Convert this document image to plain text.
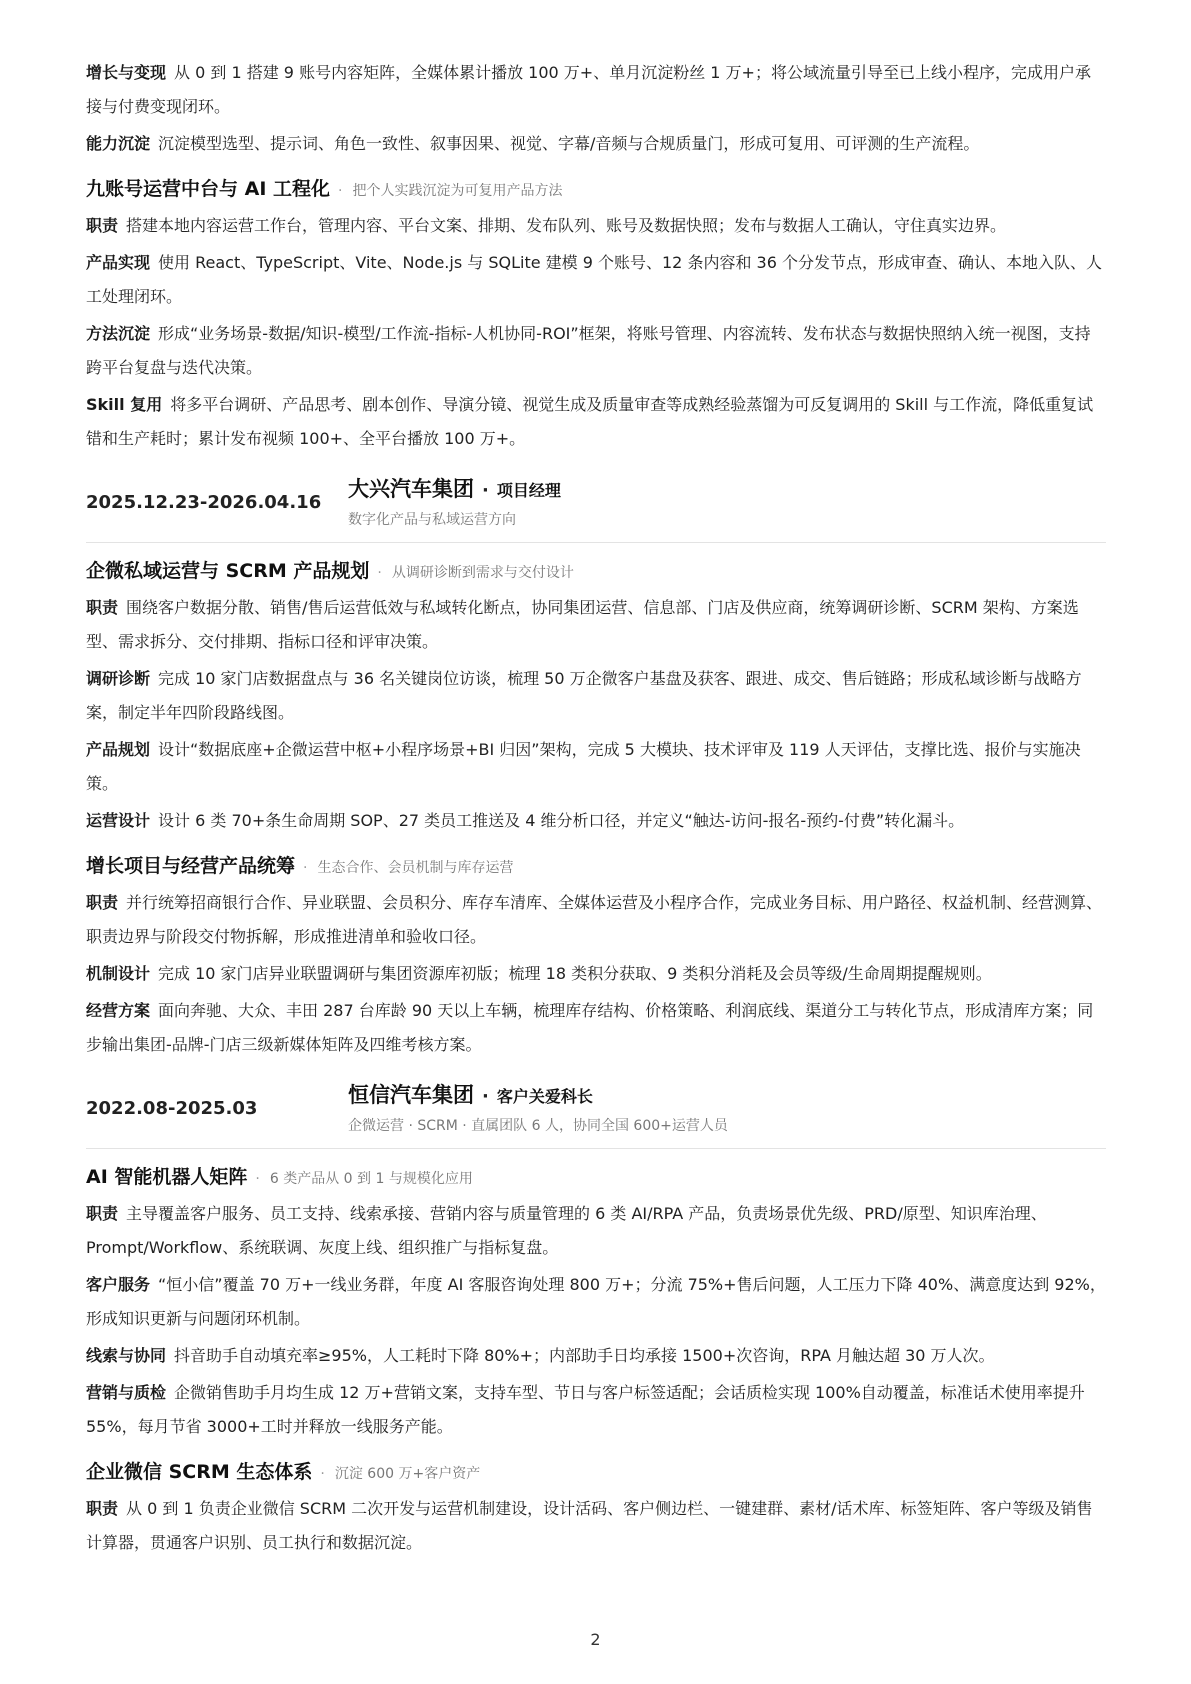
增长与变现 从 0 到 1 搭建 9 账号内容矩阵，全媒体累计播放 100 万+、单月沉淀粉丝 1 万+；将公域流量引导至已上线小程序，完成用户承接与付费变现闭环。

能力沉淀 沉淀模型选型、提示词、角色一致性、叙事因果、视觉、字幕/音频与合规质量门，形成可复用、可评测的生产流程。

九账号运营中台与 AI 工程化 · 把个人实践沉淀为可复用产品方法

职责 搭建本地内容运营工作台，管理内容、平台文案、排期、发布队列、账号及数据快照；发布与数据人工确认，守住真实边界。

产品实现 使用 React、TypeScript、Vite、Node.js 与 SQLite 建模 9 个账号、12 条内容和 36 个分发节点，形成审查、确认、本地入队、人工处理闭环。

方法沉淀 形成“业务场景-数据/知识-模型/工作流-指标-人机协同-ROI”框架，将账号管理、内容流转、发布状态与数据快照纳入统一视图，支持跨平台复盘与迭代决策。

Skill 复用 将多平台调研、产品思考、剧本创作、导演分镜、视觉生成及质量审查等成熟经验蒸馏为可反复调用的 Skill 与工作流，降低重复试错和生产耗时；累计发布视频 100+、全平台播放 100 万+。

2025.12.23-2026.04.16
大兴汽车集团 · 项目经理
数字化产品与私域运营方向
企微私域运营与 SCRM 产品规划 · 从调研诊断到需求与交付设计

职责 围绕客户数据分散、销售/售后运营低效与私域转化断点，协同集团运营、信息部、门店及供应商，统筹调研诊断、SCRM 架构、方案选型、需求拆分、交付排期、指标口径和评审决策。

调研诊断 完成 10 家门店数据盘点与 36 名关键岗位访谈，梳理 50 万企微客户基盘及获客、跟进、成交、售后链路；形成私域诊断与战略方案，制定半年四阶段路线图。

产品规划 设计“数据底座+企微运营中枢+小程序场景+BI 归因”架构，完成 5 大模块、技术评审及 119 人天评估，支撑比选、报价与实施决策。

运营设计 设计 6 类 70+条生命周期 SOP、27 类员工推送及 4 维分析口径，并定义“触达-访问-报名-预约-付费”转化漏斗。

增长项目与经营产品统筹 · 生态合作、会员机制与库存运营

职责 并行统筹招商银行合作、异业联盟、会员积分、库存车清库、全媒体运营及小程序合作，完成业务目标、用户路径、权益机制、经营测算、职责边界与阶段交付物拆解，形成推进清单和验收口径。

机制设计 完成 10 家门店异业联盟调研与集团资源库初版；梳理 18 类积分获取、9 类积分消耗及会员等级/生命周期提醒规则。

经营方案 面向奔驰、大众、丰田 287 台库龄 90 天以上车辆，梳理库存结构、价格策略、利润底线、渠道分工与转化节点，形成清库方案；同步输出集团-品牌-门店三级新媒体矩阵及四维考核方案。

2022.08-2025.03
恒信汽车集团 · 客户关爱科长
企微运营 · SCRM · 直属团队 6 人，协同全国 600+运营人员
AI 智能机器人矩阵 · 6 类产品从 0 到 1 与规模化应用

职责 主导覆盖客户服务、员工支持、线索承接、营销内容与质量管理的 6 类 AI/RPA 产品，负责场景优先级、PRD/原型、知识库治理、Prompt/Workflow、系统联调、灰度上线、组织推广与指标复盘。

客户服务 “恒小信”覆盖 70 万+一线业务群，年度 AI 客服咨询处理 800 万+；分流 75%+售后问题，人工压力下降 40%、满意度达到 92%，形成知识更新与问题闭环机制。

线索与协同 抖音助手自动填充率≥95%，人工耗时下降 80%+；内部助手日均承接 1500+次咨询，RPA 月触达超 30 万人次。

营销与质检 企微销售助手月均生成 12 万+营销文案，支持车型、节日与客户标签适配；会话质检实现 100%自动覆盖，标准话术使用率提升 55%，每月节省 3000+工时并释放一线服务产能。

企业微信 SCRM 生态体系 · 沉淀 600 万+客户资产

职责 从 0 到 1 负责企业微信 SCRM 二次开发与运营机制建设，设计活码、客户侧边栏、一键建群、素材/话术库、标签矩阵、客户等级及销售计算器，贯通客户识别、员工执行和数据沉淀。

2
